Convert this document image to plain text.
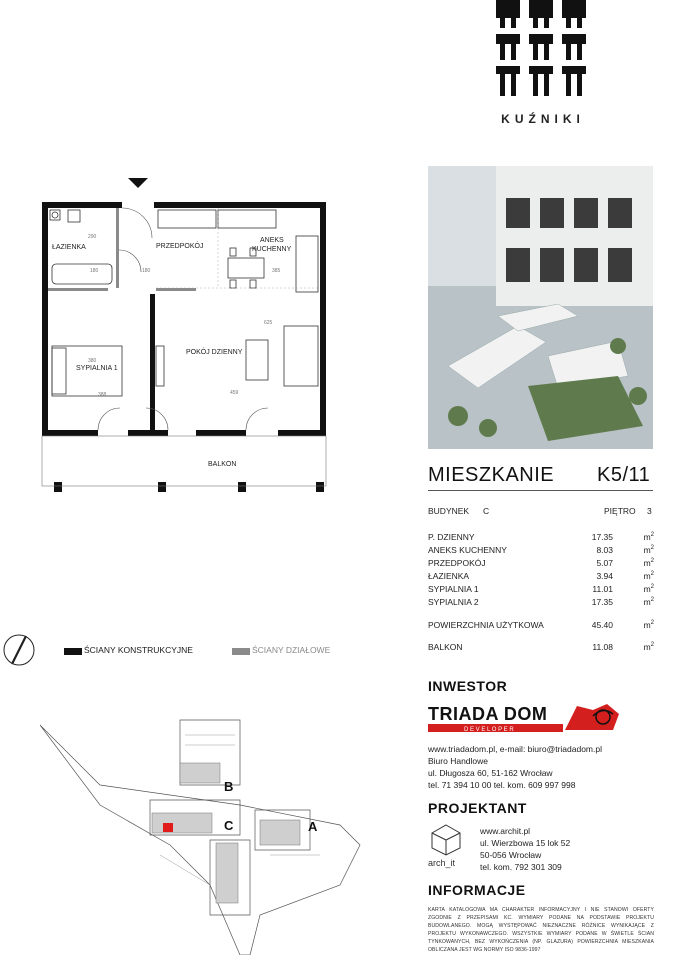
KUŹNIKI
ŁAZIENKA	PRZEDPOKÓJ
ANEKS
KUCHENNY
POKÓJ DZIENNY
SYPIALNIA 1
BALKON
180	180	385
625
388	459
290
380
MIESZKANIE K5/11
BUDYNEK C	PIĘTRO 3
P. DZIENNY	17.35	$m^2$
ANEKS KUCHENNY	8.03	$m^2$
PRZEDPOKÓJ	5.07	$m^2$
ŁAZIENKA	3.94	$m^2$
SYPIALNIA 1	11.01	$m^2$
SYPIALNIA 2	17.35	$m^2$
POWIERZCHNIA UŻYTKOWA	45.40	$m^2$
BALKON	11.08	$m^2$
ŚCIANY KONSTRUKCYJNE	ŚCIANY DZIAŁOWE
A
B
C
INWESTOR
TRIADA DOM
D E V E L O P E R
www.triadadom.pl, e-mail: biuro@triadadom.pl
Biuro Handlowe
ul. Długosza 60, 51-162 Wrocław
tel. 71 394 10 00 tel. kom. 609 997 998
PROJEKTANT
arch_it
www.archit.pl
ul. Wierzbowa 15 lok 52
50-056 Wrocław
tel. kom. 792 301 309
INFORMACJE
KARTA KATALOGOWA MA CHARAKTER INFORMACYJNY I NIE STANOWI OFERTY ZGODNIE Z PRZEPISAMI KC. WYMIARY PODANE NA PODSTAWIE PROJEKTU BUDOWLANEGO. MOGĄ WYSTĘPOWAĆ NIEZNACZNE RÓŻNICE WYNIKAJĄCE Z PROJEKTU WYKONAWCZEGO. WSZYSTKIE WYMIARY PODANE W ŚWIETLE ŚCIAN TYNKOWANYCH, BEZ WYKOŃCZENIA (NP. GLAZURA) POWIERZCHNIA MIESZKANIA OBLICZANA JEST WG NORMY ISO 9836-1997
